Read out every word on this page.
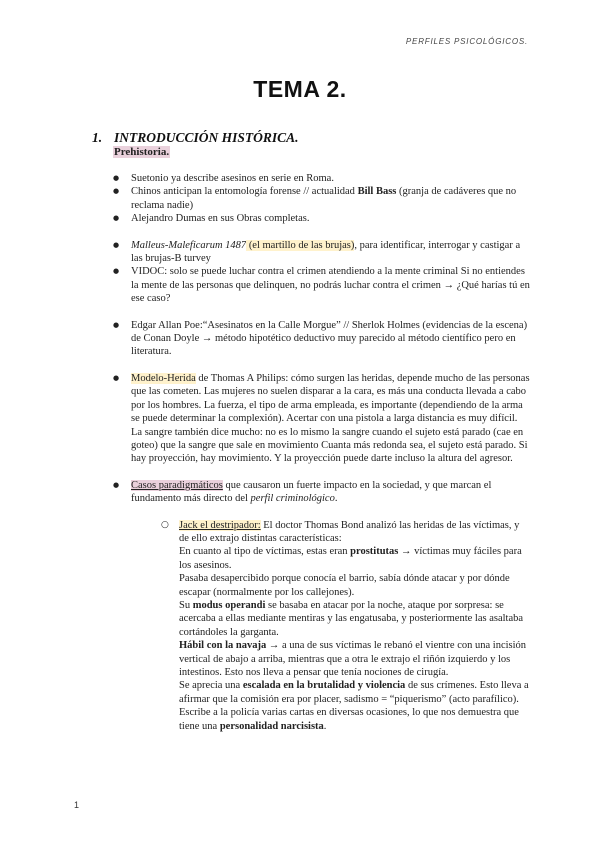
PERFILES PSICOLÓGICOS.
TEMA 2.
1. INTRODUCCIÓN HISTÓRICA.
Prehistoria.
● Suetonio ya describe asesinos en serie en Roma.
● Chinos anticipan la entomología forense // actualidad Bill Bass (granja de cadáveres que no reclama nadie)
● Alejandro Dumas en sus Obras completas.
● Malleus-Maleficarum 1487 (el martillo de las brujas), para identificar, interrogar y castigar a las brujas-B turvey
● VIDOC: solo se puede luchar contra el crimen atendiendo a la mente criminal Si no entiendes la mente de las personas que delinquen, no podrás luchar contra el crimen → ¿Qué harías tú en ese caso?
● Edgar Allan Poe:“Asesinatos en la Calle Morgue” // Sherlok Holmes (evidencias de la escena) de Conan Doyle → método hipotético deductivo muy parecido al método científico pero en literatura.
● Modelo-Herida de Thomas A Philips: cómo surgen las heridas, depende mucho de las personas que las cometen. Las mujeres no suelen disparar a la cara, es más una conducta llevada a cabo por los hombres. La fuerza, el tipo de arma empleada, es importante (dependiendo de la arma se puede determinar la complexión). Acertar con una pistola a larga distancia es muy difícil.
La sangre también dice mucho: no es lo mismo la sangre cuando el sujeto está parado (cae en goteo) que la sangre que sale en movimiento Cuanta más redonda sea, el sujeto está parado. Si hay proyección, hay movimiento. Y la proyección puede darte incluso la altura del agresor.
● Casos paradigmáticos que causaron un fuerte impacto en la sociedad, y que marcan el fundamento más directo del perfil criminológico.

○ Jack el destripador: El doctor Thomas Bond analizó las heridas de las víctimas, y de ello extrajo distintas características:

En cuanto al tipo de víctimas, estas eran prostitutas → víctimas muy fáciles para los asesinos.

Pasaba desapercibido porque conocía el barrio, sabía dónde atacar y por dónde escapar (normalmente por los callejones).

Su modus operandi se basaba en atacar por la noche, ataque por sorpresa: se acercaba a ellas mediante mentiras y las engatusaba, y posteriormente las asaltaba cortándoles la garganta.

Hábil con la navaja → a una de sus víctimas le rebanó el vientre con una incisión vertical de abajo a arriba, mientras que a otra le extrajo el riñón izquierdo y los intestinos. Esto nos lleva a pensar que tenía nociones de cirugía.

Se aprecia una escalada en la brutalidad y violencia de sus crímenes. Esto lleva a afirmar que la comisión era por placer, sadismo = “piquerismo” (acto parafílico).

Escribe a la policía varias cartas en diversas ocasiones, lo que nos demuestra que tiene una personalidad narcisista.

1
